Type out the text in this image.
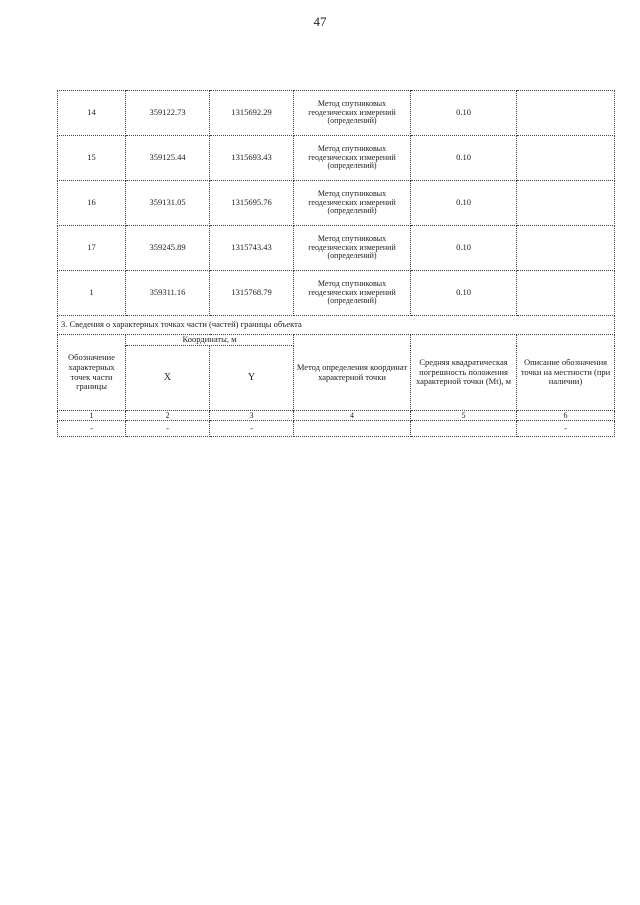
47
14	359122.73	1315692.29	Метод спутниковых геодезических измерений (определений)	0.10	
15	359125.44	1315693.43	Метод спутниковых геодезических измерений (определений)	0.10	
16	359131.05	1315695.76	Метод спутниковых геодезических измерений (определений)	0.10	
17	359245.89	1315743.43	Метод спутниковых геодезических измерений (определений)	0.10	
1	359311.16	1315768.79	Метод спутниковых геодезических измерений (определений)	0.10	
3. Сведения о характерных точках части (частей) границы объекта					
Обозначение характерных точек части границы	Координаты, м		Метод определения координат характерной точки	Средняя квадратическая погрешность положения характерной точки (Mt), м	Описание обозначения точки на местности (при наличии)
	X	Y			
1	2	3	4	5	6
-	-	-			-
